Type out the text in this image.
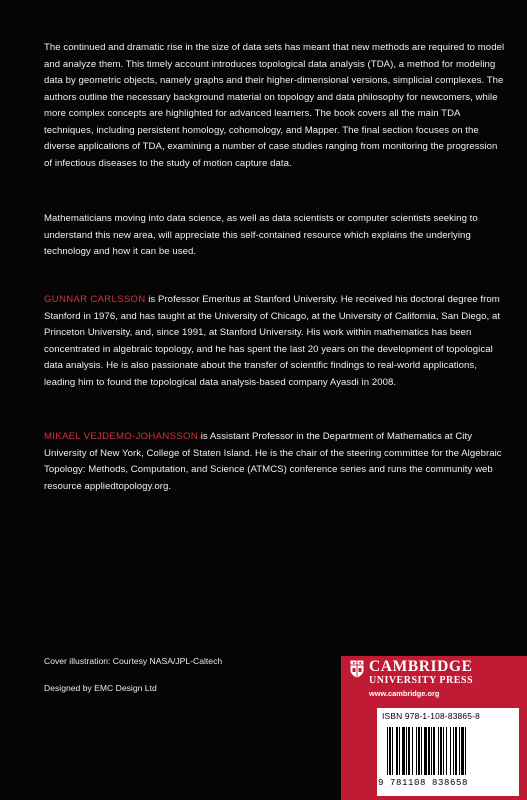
The continued and dramatic rise in the size of data sets has meant that new methods are required to model and analyze them. This timely account introduces topological data analysis (TDA), a method for modeling data by geometric objects, namely graphs and their higher-dimensional versions, simplicial complexes. The authors outline the necessary background material on topology and data philosophy for newcomers, while more complex concepts are highlighted for advanced learners. The book covers all the main TDA techniques, including persistent homology, cohomology, and Mapper. The final section focuses on the diverse applications of TDA, examining a number of case studies ranging from monitoring the progression of infectious diseases to the study of motion capture data.
Mathematicians moving into data science, as well as data scientists or computer scientists seeking to understand this new area, will appreciate this self-contained resource which explains the underlying technology and how it can be used.
GUNNAR CARLSSON is Professor Emeritus at Stanford University. He received his doctoral degree from Stanford in 1976, and has taught at the University of Chicago, at the University of California, San Diego, at Princeton University, and, since 1991, at Stanford University. His work within mathematics has been concentrated in algebraic topology, and he has spent the last 20 years on the development of topological data analysis. He is also passionate about the transfer of scientific findings to real-world applications, leading him to found the topological data analysis-based company Ayasdi in 2008.
MIKAEL VEJDEMO-JOHANSSON is Assistant Professor in the Department of Mathematics at City University of New York, College of Staten Island. He is the chair of the steering committee for the Algebraic Topology: Methods, Computation, and Science (ATMCS) conference series and runs the community web resource appliedtopology.org.
Cover illustration: Courtesy NASA/JPL-Caltech
Designed by EMC Design Ltd
CAMBRIDGE
UNIVERSITY PRESS
www.cambridge.org
ISBN 978-1-108-83865-8
9 781108 838658
